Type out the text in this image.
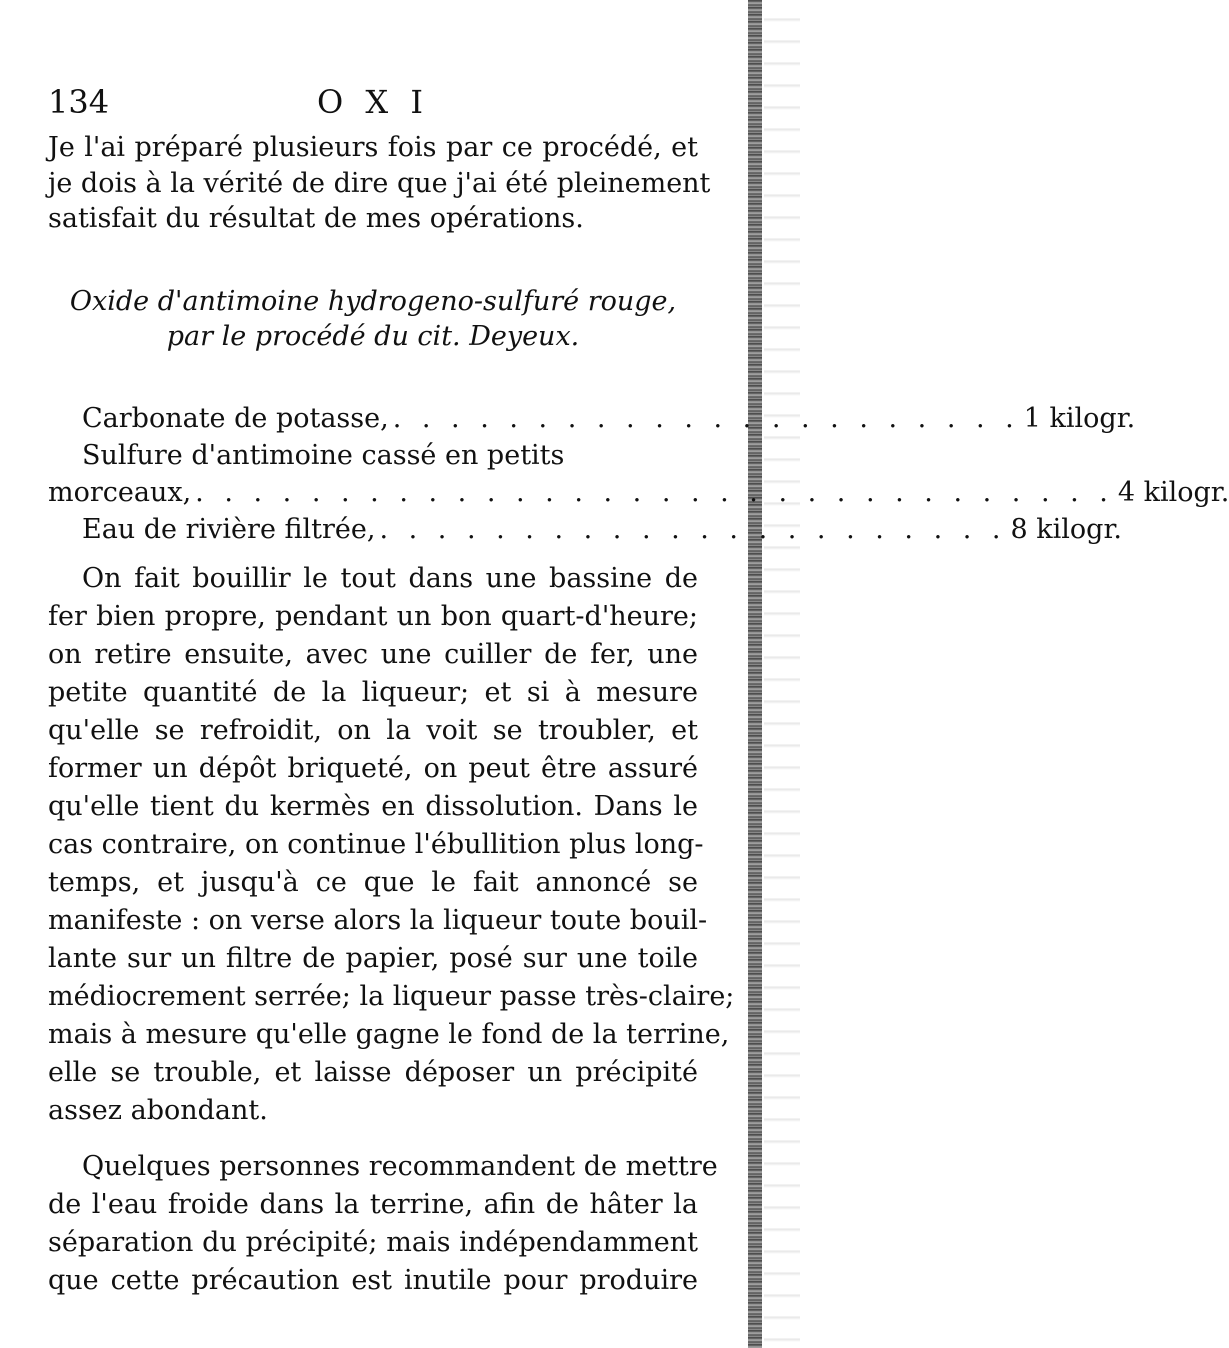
134	O X I
Je l'ai préparé plusieurs fois par ce procédé, et
je dois à la vérité de dire que j'ai été pleinement
satisfait du résultat de mes opérations.
Oxide d'antimoine hydrogeno-sulfuré rouge,
par le procédé du cit. Deyeux.
Carbonate de potasse, . . . . . . . . . . . . . . . . . . . . . . 1 kilogr.
Sulfure d'antimoine cassé en petits
morceaux, . . . . . . . . . . . . . . . . . . . . . . . . . . . . . . . . 4 kilogr.
Eau de rivière filtrée, . . . . . . . . . . . . . . . . . . . . . . 8 kilogr.
On fait bouillir le tout dans une bassine de
fer bien propre, pendant un bon quart-d'heure;
on retire ensuite, avec une cuiller de fer, une
petite quantité de la liqueur; et si à mesure
qu'elle se refroidit, on la voit se troubler, et
former un dépôt briqueté, on peut être assuré
qu'elle tient du kermès en dissolution. Dans le
cas contraire, on continue l'ébullition plus long-
temps, et jusqu'à ce que le fait annoncé se
manifeste : on verse alors la liqueur toute bouil-
lante sur un filtre de papier, posé sur une toile
médiocrement serrée; la liqueur passe très-claire;
mais à mesure qu'elle gagne le fond de la terrine,
elle se trouble, et laisse déposer un précipité
assez abondant.
Quelques personnes recommandent de mettre
de l'eau froide dans la terrine, afin de hâter la
séparation du précipité; mais indépendamment
que cette précaution est inutile pour produire
